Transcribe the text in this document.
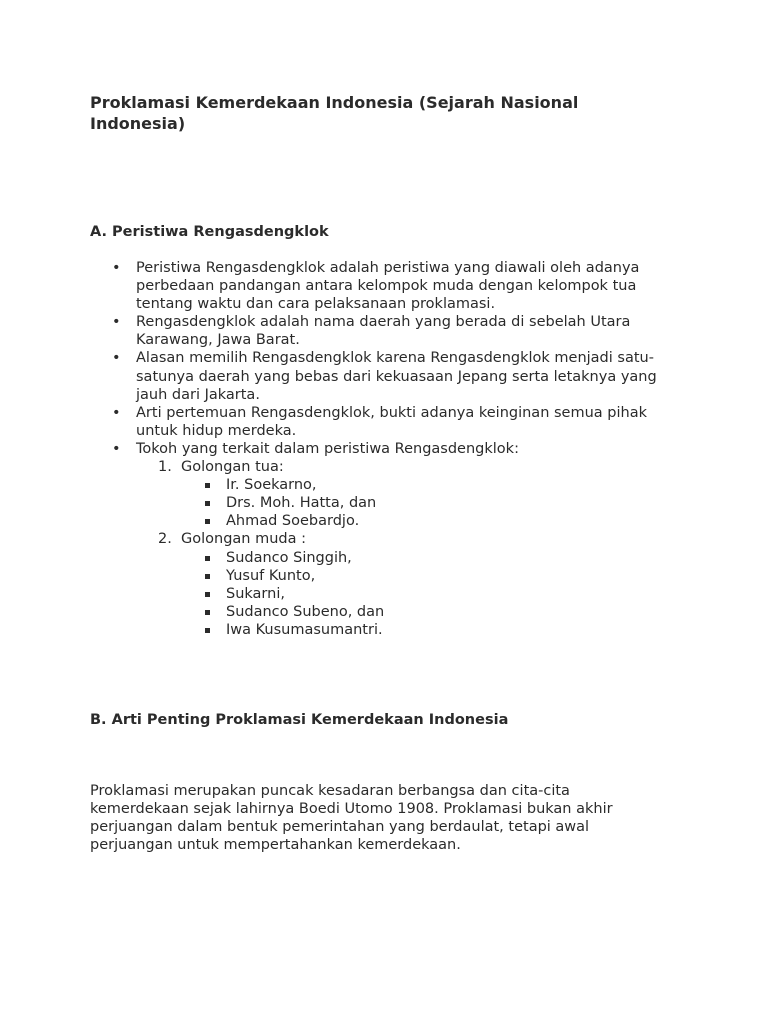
Proklamasi Kemerdekaan Indonesia (Sejarah Nasional Indonesia)
A. Peristiwa Rengasdengklok
• Peristiwa Rengasdengklok adalah peristiwa yang diawali oleh adanya perbedaan pandangan antara kelompok muda dengan kelompok tua tentang waktu dan cara pelaksanaan proklamasi.
• Rengasdengklok adalah nama daerah yang berada di sebelah Utara Karawang, Jawa Barat.
• Alasan memilih Rengasdengklok karena Rengasdengklok menjadi satu-satunya daerah yang bebas dari kekuasaan Jepang serta letaknya yang jauh dari Jakarta.
• Arti pertemuan Rengasdengklok, bukti adanya keinginan semua pihak untuk hidup merdeka.
• Tokoh yang terkait dalam peristiwa Rengasdengklok:
1. Golongan tua:
Ir. Soekarno,
Drs. Moh. Hatta, dan
Ahmad Soebardjo.
2. Golongan muda :
Sudanco Singgih,
Yusuf Kunto,
Sukarni,
Sudanco Subeno, dan
Iwa Kusumasumantri.
B. Arti Penting Proklamasi Kemerdekaan Indonesia

Proklamasi merupakan puncak kesadaran berbangsa dan cita-cita kemerdekaan sejak lahirnya Boedi Utomo 1908. Proklamasi bukan akhir perjuangan dalam bentuk pemerintahan yang berdaulat, tetapi awal perjuangan untuk mempertahankan kemerdekaan.
